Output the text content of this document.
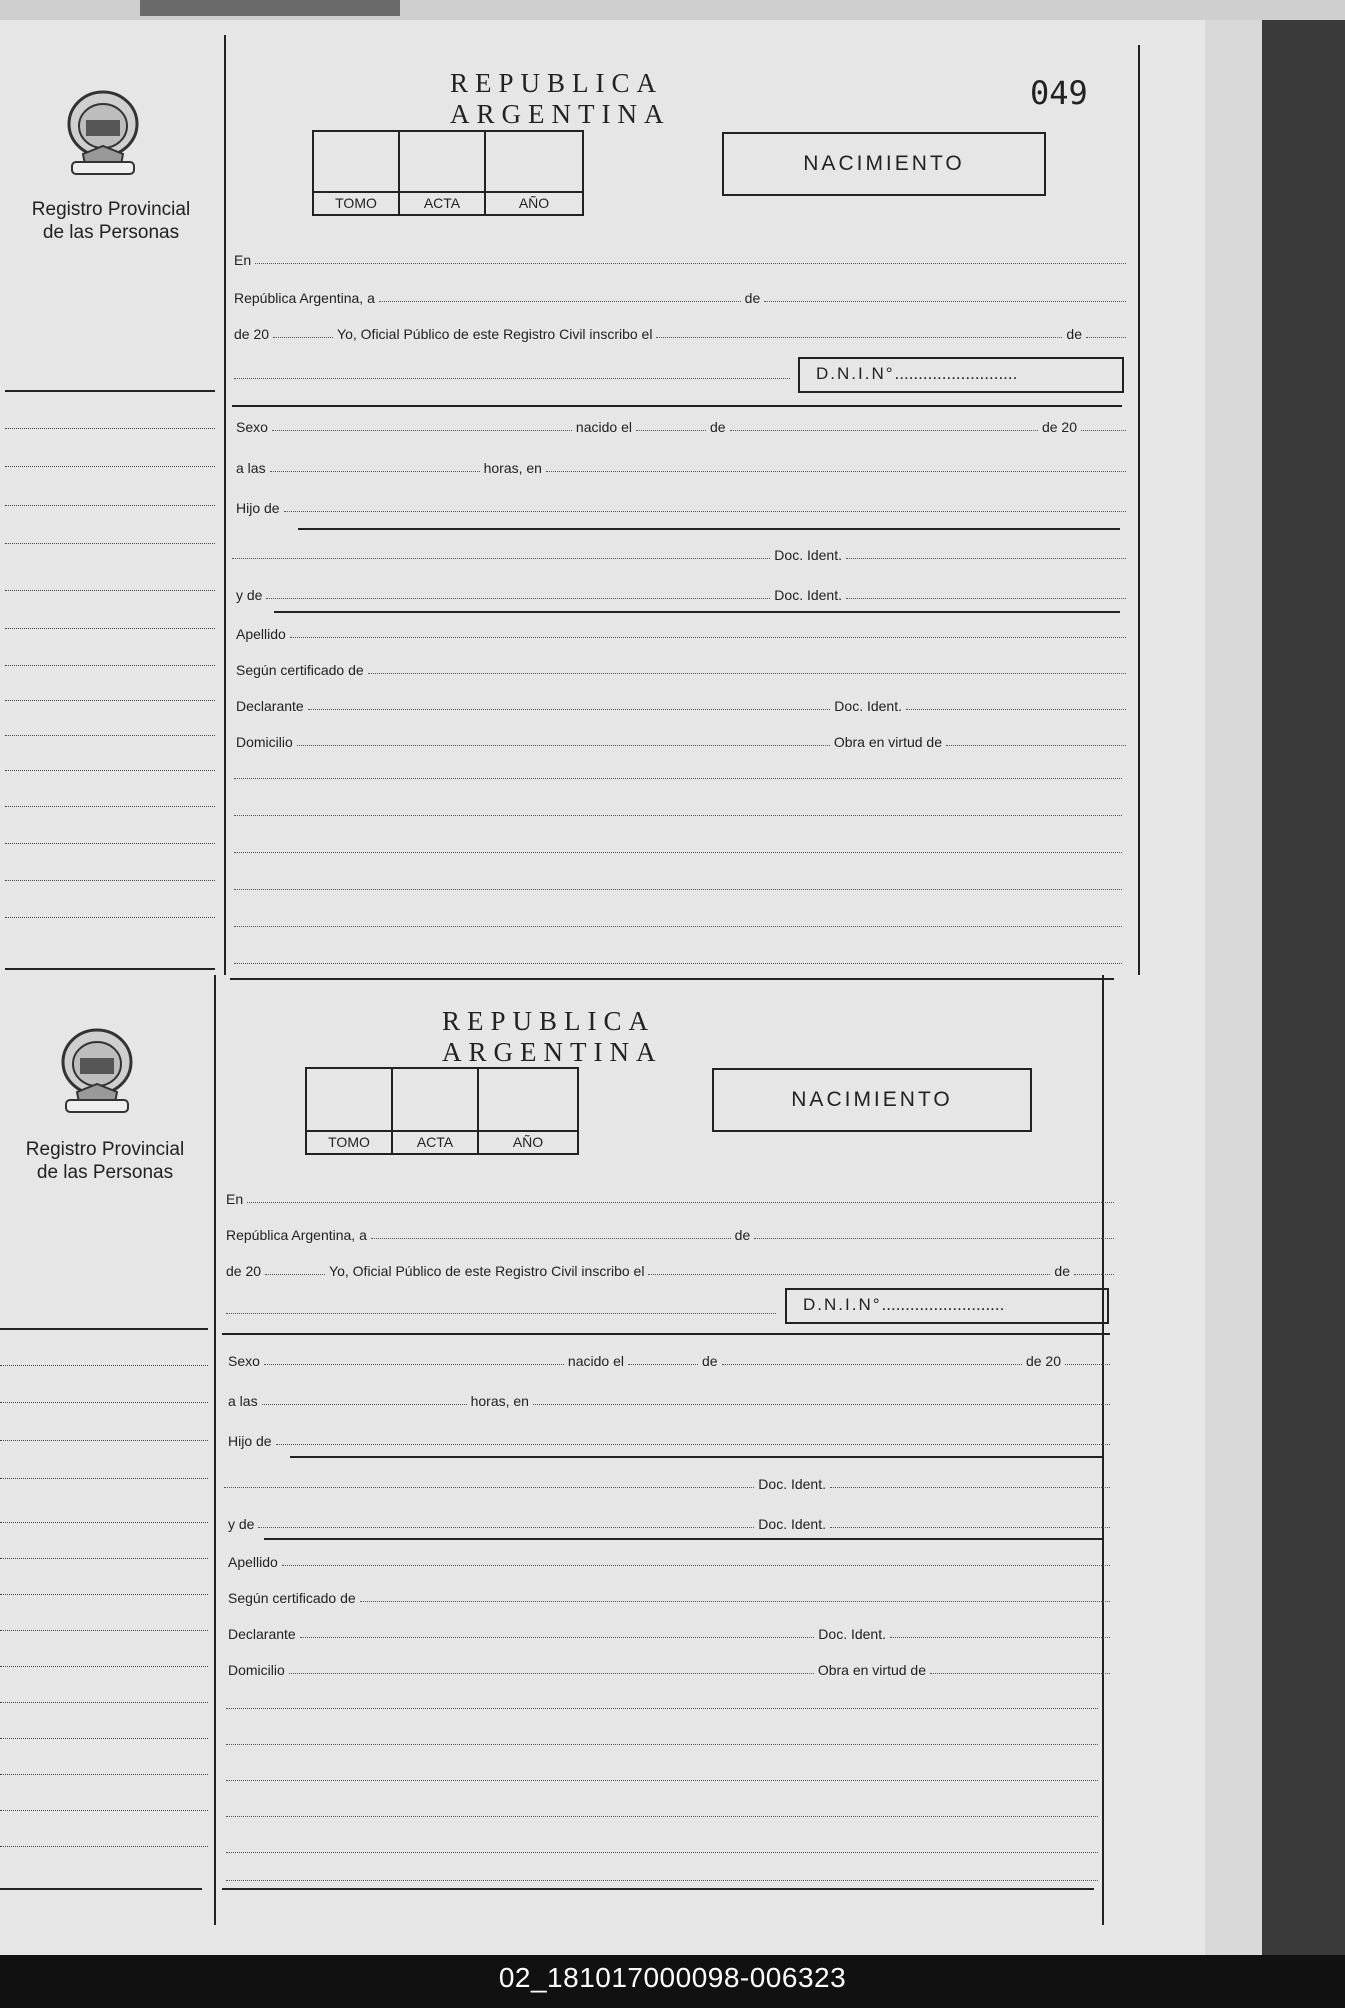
Registro Provincial
de las Personas
REPUBLICA ARGENTINA
049
TOMO	ACTA	AÑO
NACIMIENTO
En
República Argentina, a	de
de 20	Yo, Oficial Público de este Registro Civil inscribo el	de
D.N.I.N°..........................
Sexo	nacido el	de	de 20
a las	horas, en
Hijo de
Doc. Ident.
y de	Doc. Ident.
Apellido
Según certificado de
Declarante	Doc. Ident.
Domicilio	Obra en virtud de
Registro Provincial
de las Personas
REPUBLICA ARGENTINA
TOMO	ACTA	AÑO
NACIMIENTO
En
República Argentina, a	de
de 20	Yo, Oficial Público de este Registro Civil inscribo el	de
D.N.I.N°..........................
Sexo	nacido el	de	de 20
a las	horas, en
Hijo de
Doc. Ident.
y de	Doc. Ident.
Apellido
Según certificado de
Declarante	Doc. Ident.
Domicilio	Obra en virtud de
02_181017000098-006323
